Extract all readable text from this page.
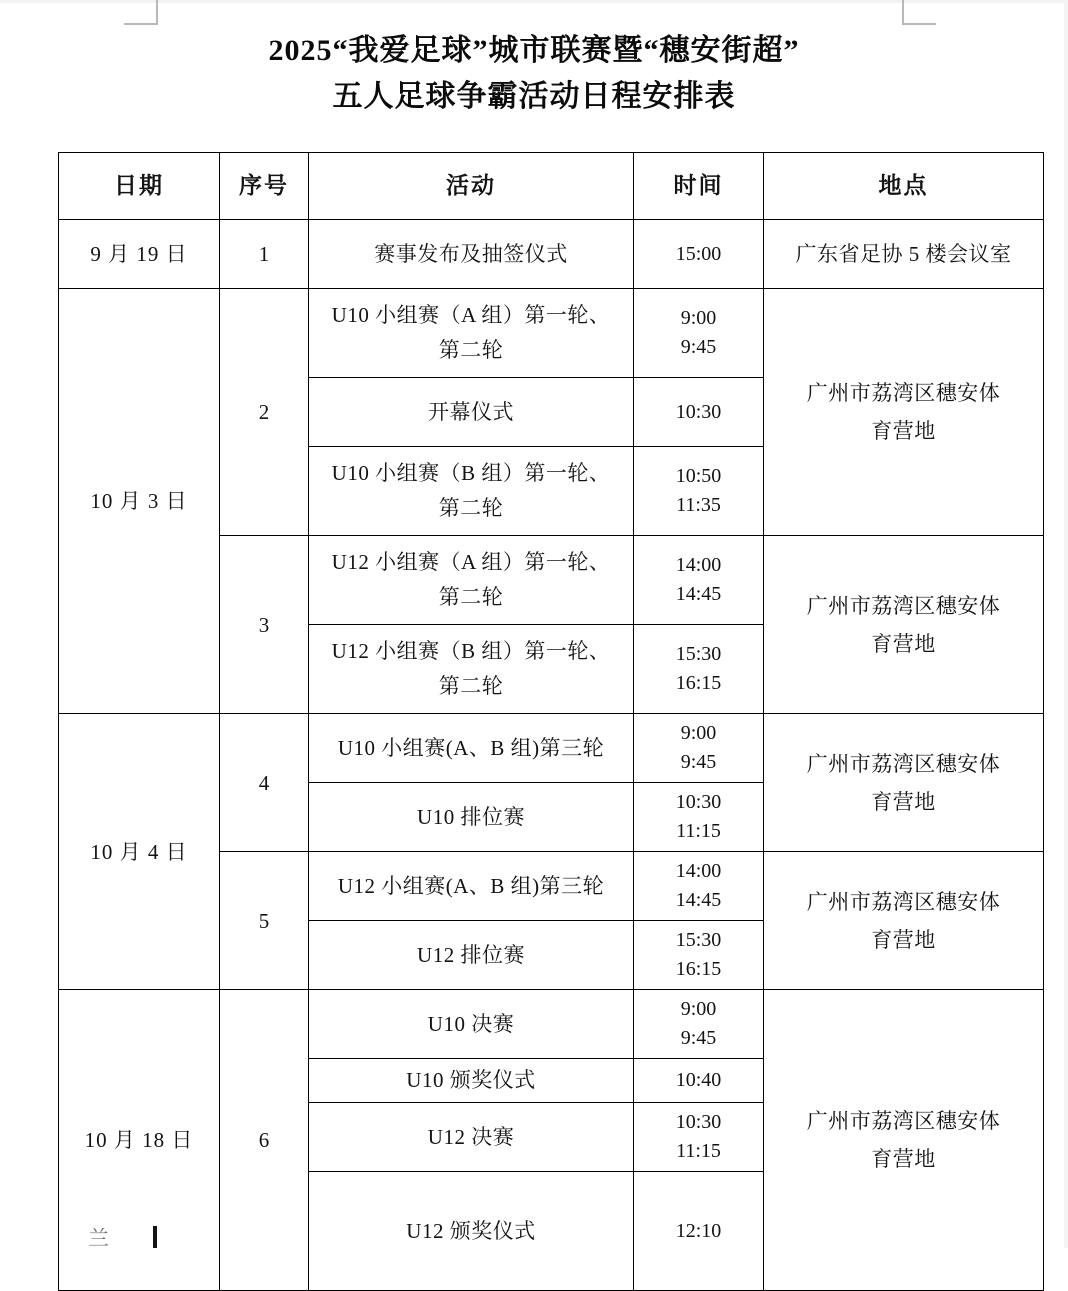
2025“我爱足球”城市联赛暨“穗安街超”
五人足球争霸活动日程安排表
日期	序号	活动	时间	地点
9 月 19 日	1	赛事发布及抽签仪式	15:00	广东省足协 5 楼会议室

10 月 3 日	2	U10 小组赛（A 组）第一轮、
第二轮	9:00
9:45	广州市荔湾区穗安体
育营地

		开幕仪式	10:30	

		U10 小组赛（B 组）第一轮、
第二轮	10:50
11:35	

	3	U12 小组赛（A 组）第一轮、
第二轮	14:00
14:45	广州市荔湾区穗安体
育营地

		U12 小组赛（B 组）第一轮、
第二轮	15:30
16:15	

10 月 4 日	4	U10 小组赛(A、B 组)第三轮	9:00
9:45	广州市荔湾区穗安体
育营地

		U10 排位赛	10:30
11:15	

	5	U12 小组赛(A、B 组)第三轮	14:00
14:45	广州市荔湾区穗安体
育营地

		U12 排位赛	15:30
16:15	

10 月 18 日	6	U10 决赛	9:00
9:45	广州市荔湾区穗安体
育营地

		U10 颁奖仪式	10:40	

		U12 决赛	10:30
11:15	

		U12 颁奖仪式	12:10	
兰
